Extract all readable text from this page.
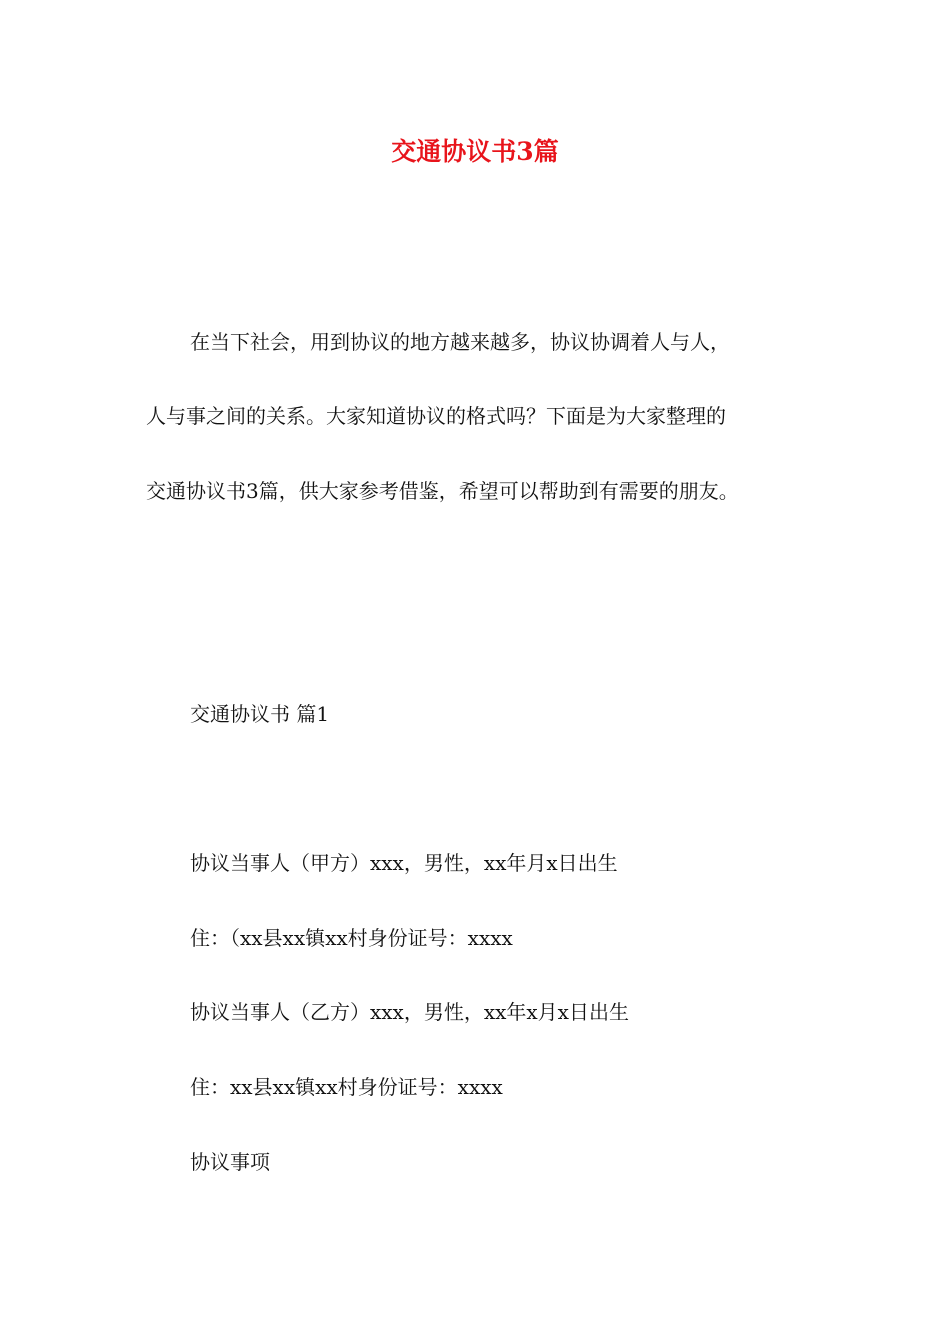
交通协议书3篇
在当下社会，用到协议的地方越来越多，协议协调着人与人，
人与事之间的关系。大家知道协议的格式吗？下面是为大家整理的
交通协议书3篇，供大家参考借鉴，希望可以帮助到有需要的朋友。
交通协议书 篇1
协议当事人（甲方）xxx，男性，xx年月x日出生
住：（xx县xx镇xx村身份证号：xxxx
协议当事人（乙方）xxx，男性，xx年x月x日出生
住：xx县xx镇xx村身份证号：xxxx
协议事项
